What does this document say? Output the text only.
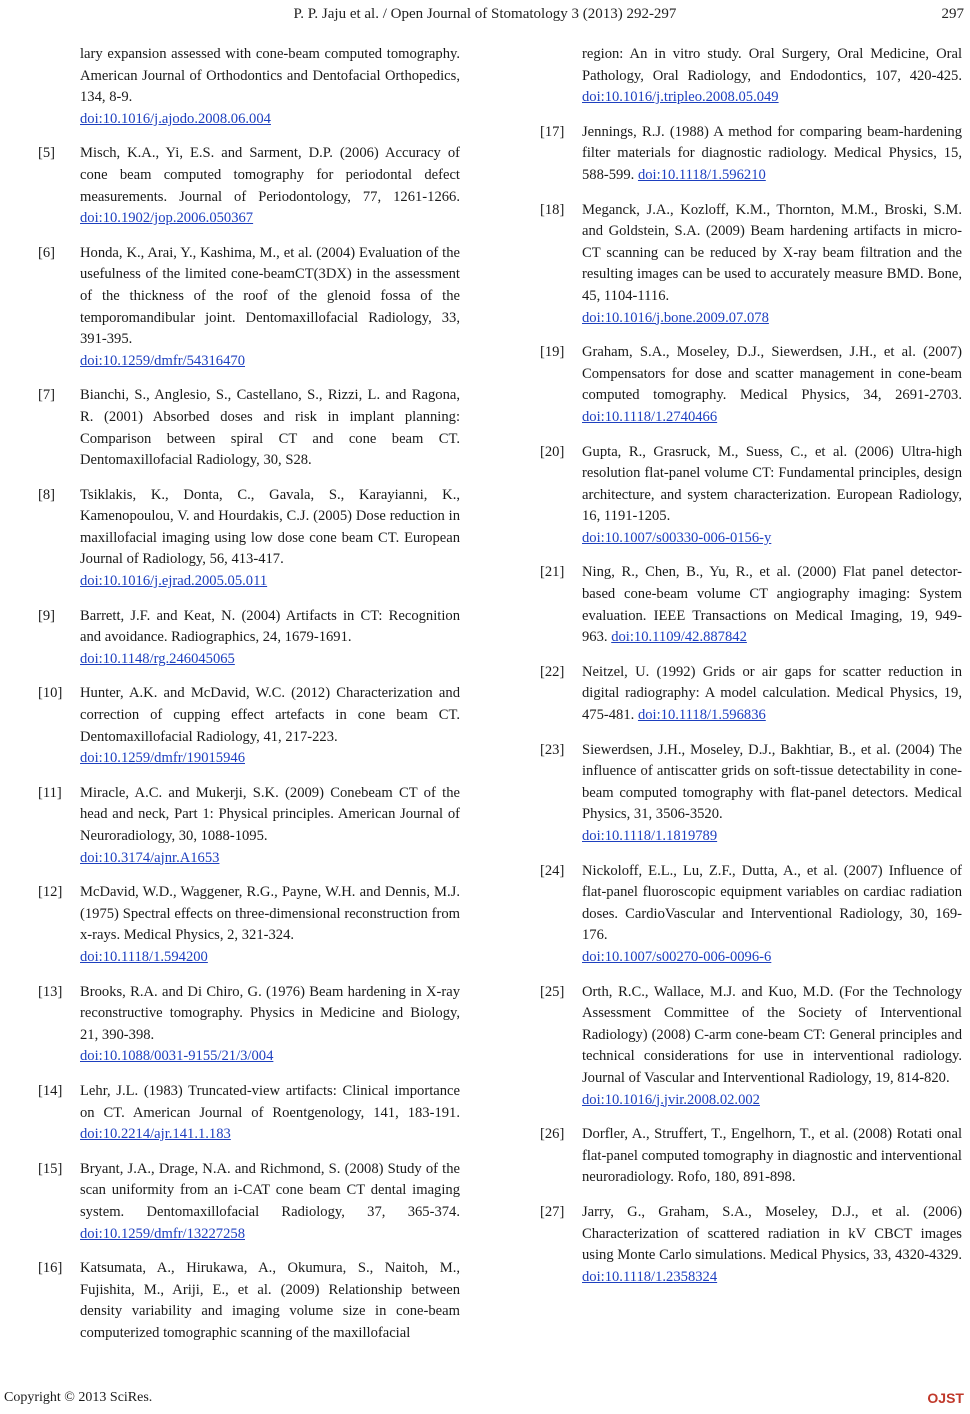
P. P. Jaju et al. / Open Journal of Stomatology 3 (2013) 292-297	297
lary expansion assessed with cone-beam computed tomography. American Journal of Orthodontics and Dentofacial Orthopedics, 134, 8-9.
doi:10.1016/j.ajodo.2008.06.004
[5]	Misch, K.A., Yi, E.S. and Sarment, D.P. (2006) Accuracy of cone beam computed tomography for periodontal defect measurements. Journal of Periodontology, 77, 1261-1266. doi:10.1902/jop.2006.050367
[6]	Honda, K., Arai, Y., Kashima, M., et al. (2004) Evaluation of the usefulness of the limited cone-beamCT(3DX) in the assessment of the thickness of the roof of the glenoid fossa of the temporomandibular joint. Dentomaxillofacial Radiology, 33, 391-395.
doi:10.1259/dmfr/54316470
[7]	Bianchi, S., Anglesio, S., Castellano, S., Rizzi, L. and Ragona, R. (2001) Absorbed doses and risk in implant planning: Comparison between spiral CT and cone beam CT. Dentomaxillofacial Radiology, 30, S28.
[8]	Tsiklakis, K., Donta, C., Gavala, S., Karayianni, K., Kamenopoulou, V. and Hourdakis, C.J. (2005) Dose reduction in maxillofacial imaging using low dose cone beam CT. European Journal of Radiology, 56, 413-417.
doi:10.1016/j.ejrad.2005.05.011
[9]	Barrett, J.F. and Keat, N. (2004) Artifacts in CT: Recognition and avoidance. Radiographics, 24, 1679-1691.
doi:10.1148/rg.246045065
[10]	Hunter, A.K. and McDavid, W.C. (2012) Characterization and correction of cupping effect artefacts in cone beam CT. Dentomaxillofacial Radiology, 41, 217-223.
doi:10.1259/dmfr/19015946
[11]	Miracle, A.C. and Mukerji, S.K. (2009) Conebeam CT of the head and neck, Part 1: Physical principles. American Journal of Neuroradiology, 30, 1088-1095.
doi:10.3174/ajnr.A1653
[12]	McDavid, W.D., Waggener, R.G., Payne, W.H. and Dennis, M.J. (1975) Spectral effects on three-dimensional reconstruction from x-rays. Medical Physics, 2, 321-324.
doi:10.1118/1.594200
[13]	Brooks, R.A. and Di Chiro, G. (1976) Beam hardening in X-ray reconstructive tomography. Physics in Medicine and Biology, 21, 390-398.
doi:10.1088/0031-9155/21/3/004
[14]	Lehr, J.L. (1983) Truncated-view artifacts: Clinical importance on CT. American Journal of Roentgenology, 141, 183-191. doi:10.2214/ajr.141.1.183
[15]	Bryant, J.A., Drage, N.A. and Richmond, S. (2008) Study of the scan uniformity from an i-CAT cone beam CT dental imaging system. Dentomaxillofacial Radiology, 37, 365-374. doi:10.1259/dmfr/13227258
[16]	Katsumata, A., Hirukawa, A., Okumura, S., Naitoh, M., Fujishita, M., Ariji, E., et al. (2009) Relationship between density variability and imaging volume size in cone-beam computerized tomographic scanning of the maxillofacial
region: An in vitro study. Oral Surgery, Oral Medicine, Oral Pathology, Oral Radiology, and Endodontics, 107, 420-425. doi:10.1016/j.tripleo.2008.05.049
[17]	Jennings, R.J. (1988) A method for comparing beam-hardening filter materials for diagnostic radiology. Medical Physics, 15, 588-599. doi:10.1118/1.596210
[18]	Meganck, J.A., Kozloff, K.M., Thornton, M.M., Broski, S.M. and Goldstein, S.A. (2009) Beam hardening artifacts in micro-CT scanning can be reduced by X-ray beam filtration and the resulting images can be used to accurately measure BMD. Bone, 45, 1104-1116.
doi:10.1016/j.bone.2009.07.078
[19]	Graham, S.A., Moseley, D.J., Siewerdsen, J.H., et al. (2007) Compensators for dose and scatter management in cone-beam computed tomography. Medical Physics, 34, 2691-2703. doi:10.1118/1.2740466
[20]	Gupta, R., Grasruck, M., Suess, C., et al. (2006) Ultra-high resolution flat-panel volume CT: Fundamental principles, design architecture, and system characterization. European Radiology, 16, 1191-1205.
doi:10.1007/s00330-006-0156-y
[21]	Ning, R., Chen, B., Yu, R., et al. (2000) Flat panel detector-based cone-beam volume CT angiography imaging: System evaluation. IEEE Transactions on Medical Imaging, 19, 949-963. doi:10.1109/42.887842
[22]	Neitzel, U. (1992) Grids or air gaps for scatter reduction in digital radiography: A model calculation. Medical Physics, 19, 475-481. doi:10.1118/1.596836
[23]	Siewerdsen, J.H., Moseley, D.J., Bakhtiar, B., et al. (2004) The influence of antiscatter grids on soft-tissue detectability in cone-beam computed tomography with flat-panel detectors. Medical Physics, 31, 3506-3520.
doi:10.1118/1.1819789
[24]	Nickoloff, E.L., Lu, Z.F., Dutta, A., et al. (2007) Influence of flat-panel fluoroscopic equipment variables on cardiac radiation doses. CardioVascular and Interventional Radiology, 30, 169-176.
doi:10.1007/s00270-006-0096-6
[25]	Orth, R.C., Wallace, M.J. and Kuo, M.D. (For the Technology Assessment Committee of the Society of Interventional Radiology) (2008) C-arm cone-beam CT: General principles and technical considerations for use in interventional radiology. Journal of Vascular and Interventional Radiology, 19, 814-820.
doi:10.1016/j.jvir.2008.02.002
[26]	Dorfler, A., Struffert, T., Engelhorn, T., et al. (2008) Rotati onal flat-panel computed tomography in diagnostic and interventional neuroradiology. Rofo, 180, 891-898.
[27]	Jarry, G., Graham, S.A., Moseley, D.J., et al. (2006) Characterization of scattered radiation in kV CBCT images using Monte Carlo simulations. Medical Physics, 33, 4320-4329. doi:10.1118/1.2358324
Copyright © 2013 SciRes.	OJST
